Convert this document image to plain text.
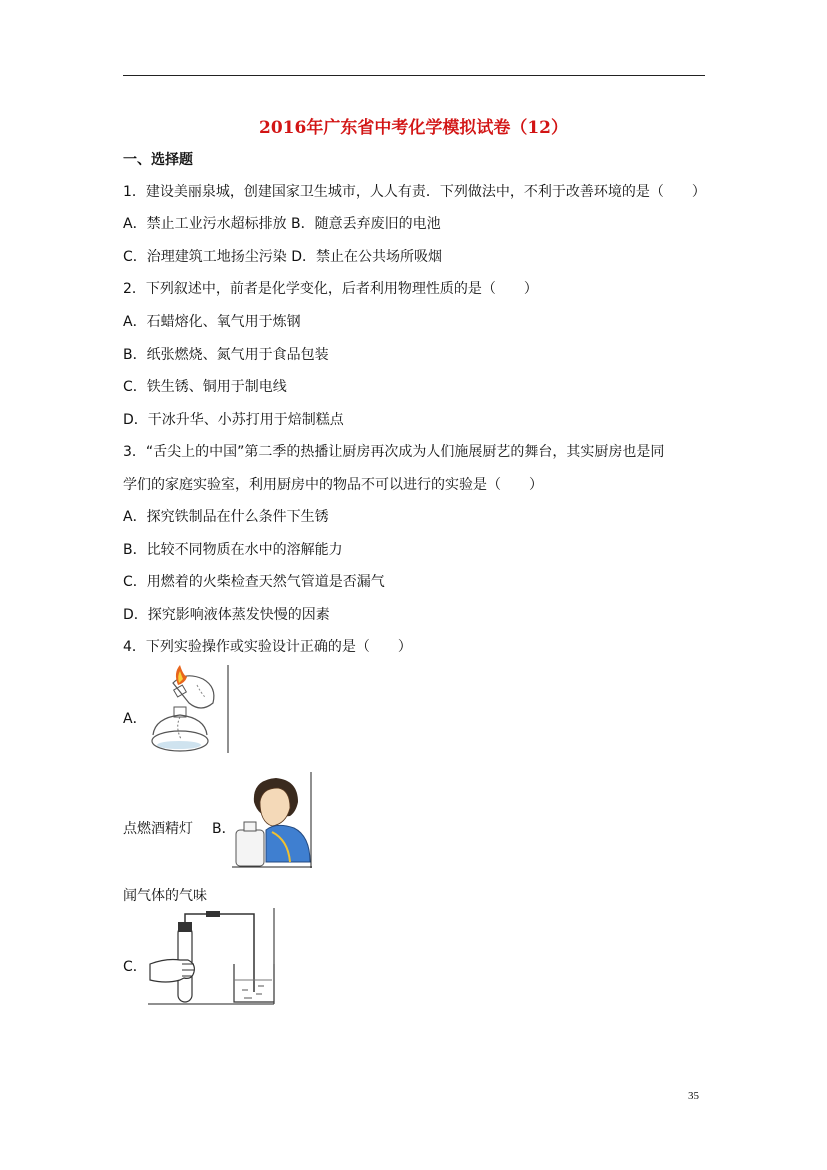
2016年广东省中考化学模拟试卷（12）
一、选择题
1．建设美丽泉城，创建国家卫生城市，人人有责．下列做法中，不利于改善环境的是（　　）
A．禁止工业污水超标排放 B．随意丢弃废旧的电池
C．治理建筑工地扬尘污染 D．禁止在公共场所吸烟
2．下列叙述中，前者是化学变化，后者利用物理性质的是（　　）
A．石蜡熔化、氧气用于炼钢
B．纸张燃烧、氮气用于食品包装
C．铁生锈、铜用于制电线
D．干冰升华、小苏打用于焙制糕点
3．“舌尖上的中国”第二季的热播让厨房再次成为人们施展厨艺的舞台，其实厨房也是同
学们的家庭实验室，利用厨房中的物品不可以进行的实验是（　　）
A．探究铁制品在什么条件下生锈
B．比较不同物质在水中的溶解能力
C．用燃着的火柴检查天然气管道是否漏气
D．探究影响液体蒸发快慢的因素
4．下列实验操作或实验设计正确的是（　　）
A．
点燃酒精灯 B．
闻气体的气味
C．
35
